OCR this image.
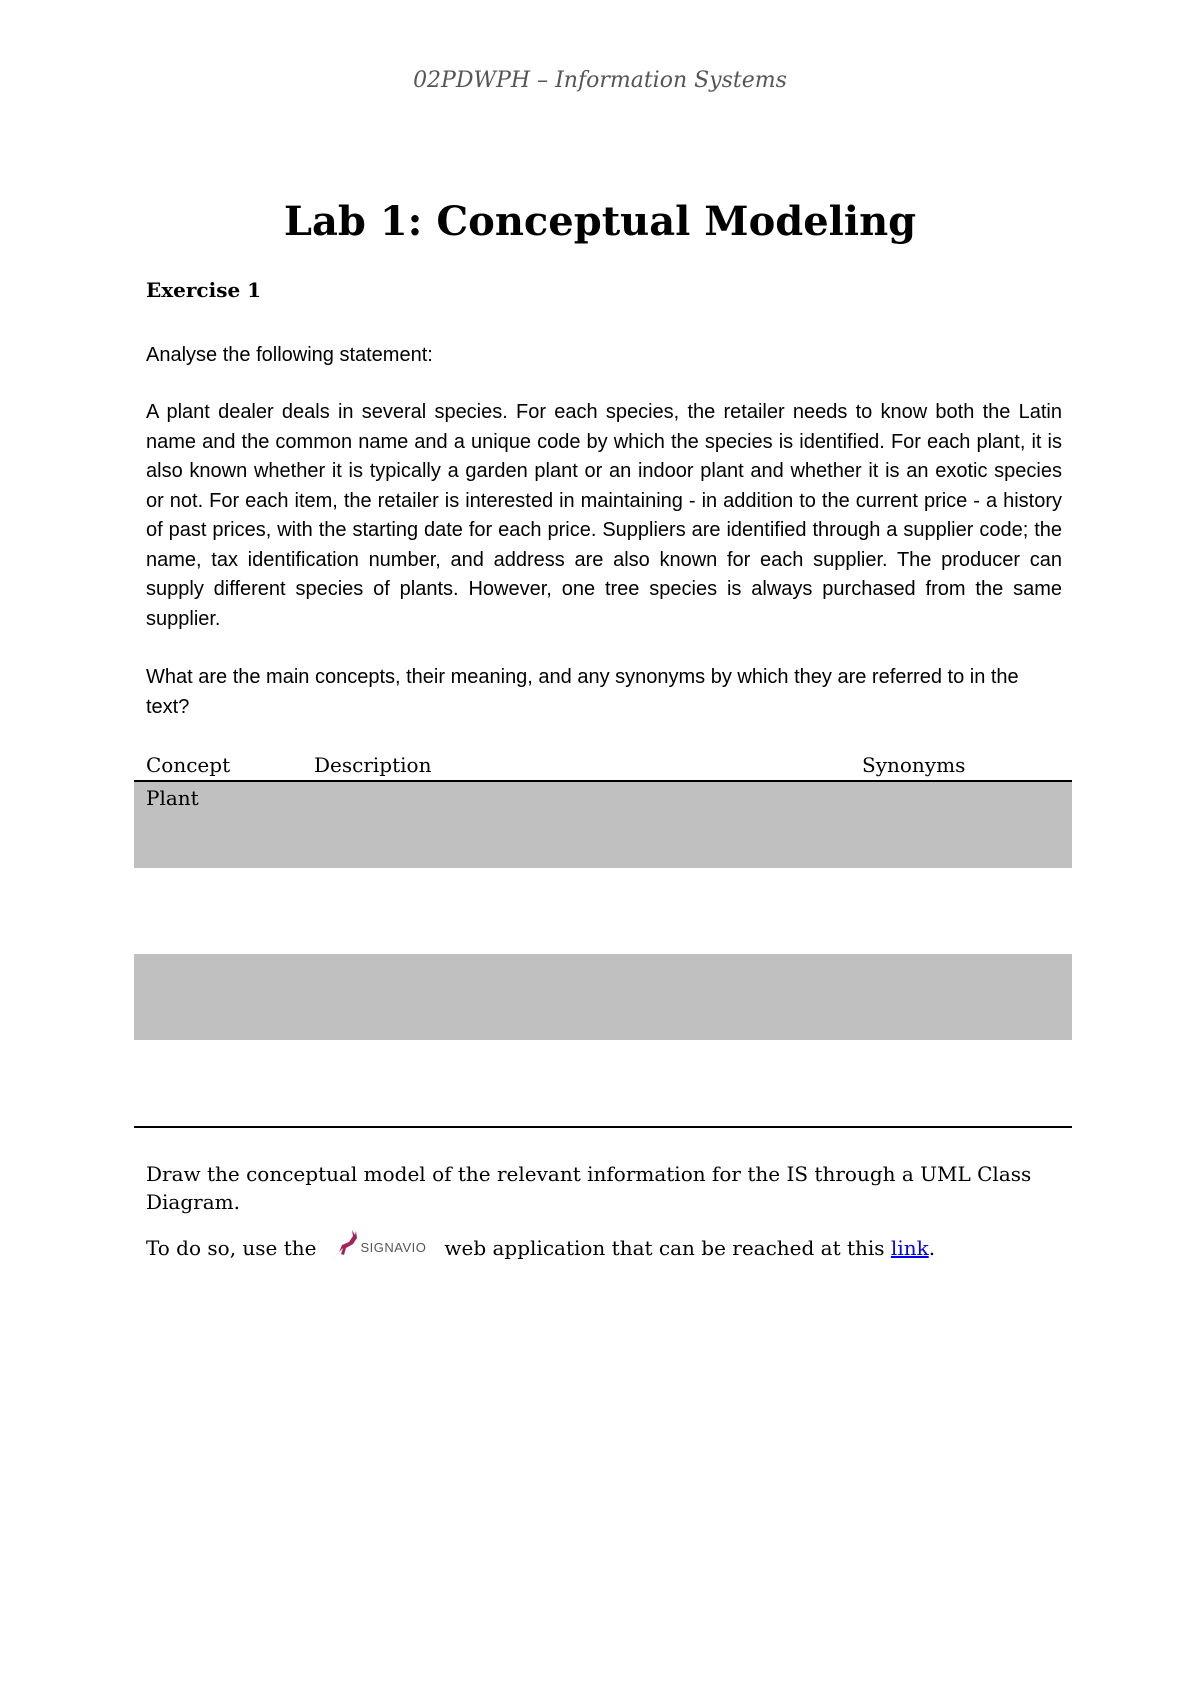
02PDWPH – Information Systems
Lab 1: Conceptual Modeling
Exercise 1
Analyse the following statement:

A plant dealer deals in several species. For each species, the retailer needs to know both the Latin name and the common name and a unique code by which the species is identified. For each plant, it is also known whether it is typically a garden plant or an indoor plant and whether it is an exotic species or not. For each item, the retailer is interested in maintaining - in addition to the current price - a history of past prices, with the starting date for each price. Suppliers are identified through a supplier code; the name, tax identification number, and address are also known for each supplier. The producer can supply different species of plants. However, one tree species is always purchased from the same supplier.

What are the main concepts, their meaning, and any synonyms by which they are referred to in the text?

Concept	Description	Synonyms
Plant

Draw the conceptual model of the relevant information for the IS through a UML Class Diagram.

To do so, use the	SIGNAVIO web application that can be reached at this
link .
